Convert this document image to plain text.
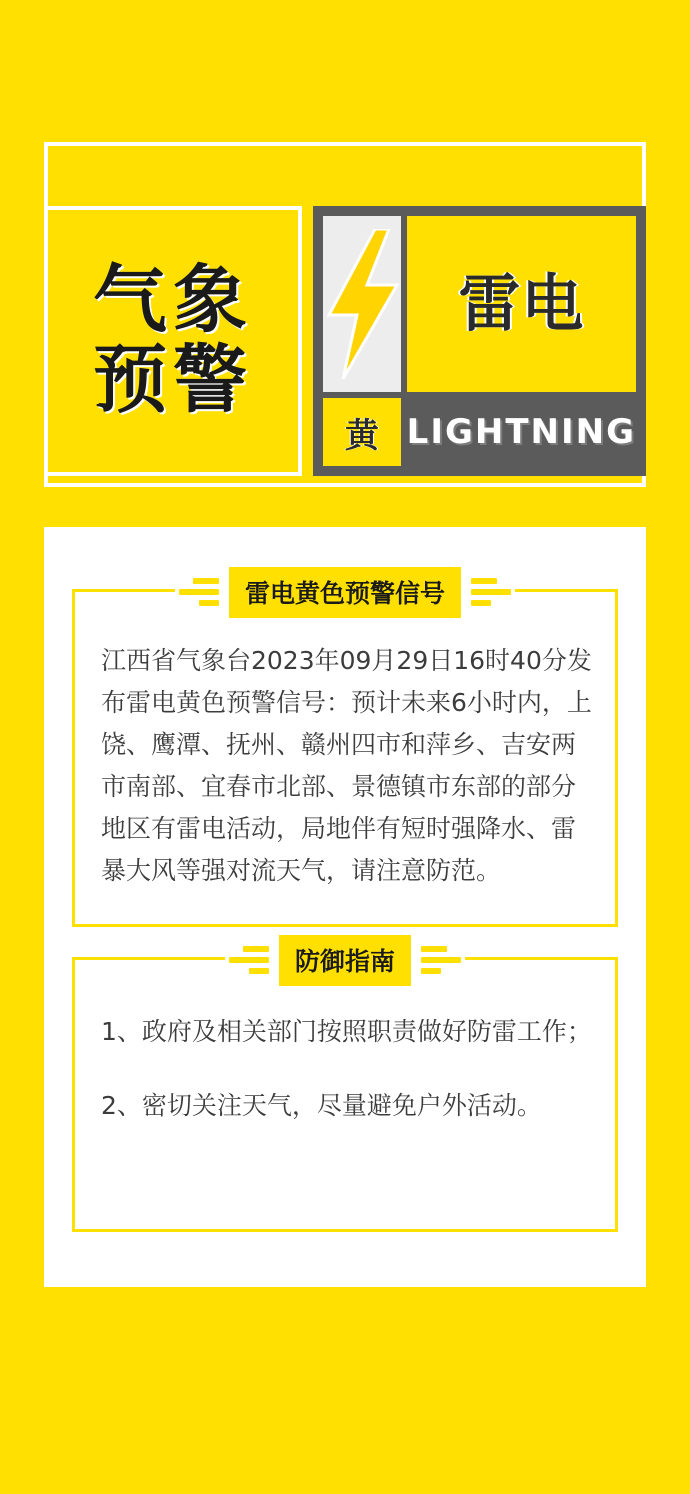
气象
预警
雷电
黄 LIGHTNING
雷电黄色预警信号
江西省气象台2023年09月29日16时40分发布雷电黄色预警信号：预计未来6小时内，上饶、鹰潭、抚州、赣州四市和萍乡、吉安两市南部、宜春市北部、景德镇市东部的部分地区有雷电活动，局地伴有短时强降水、雷暴大风等强对流天气，请注意防范。
防御指南
1、政府及相关部门按照职责做好防雷工作；
2、密切关注天气，尽量避免户外活动。
